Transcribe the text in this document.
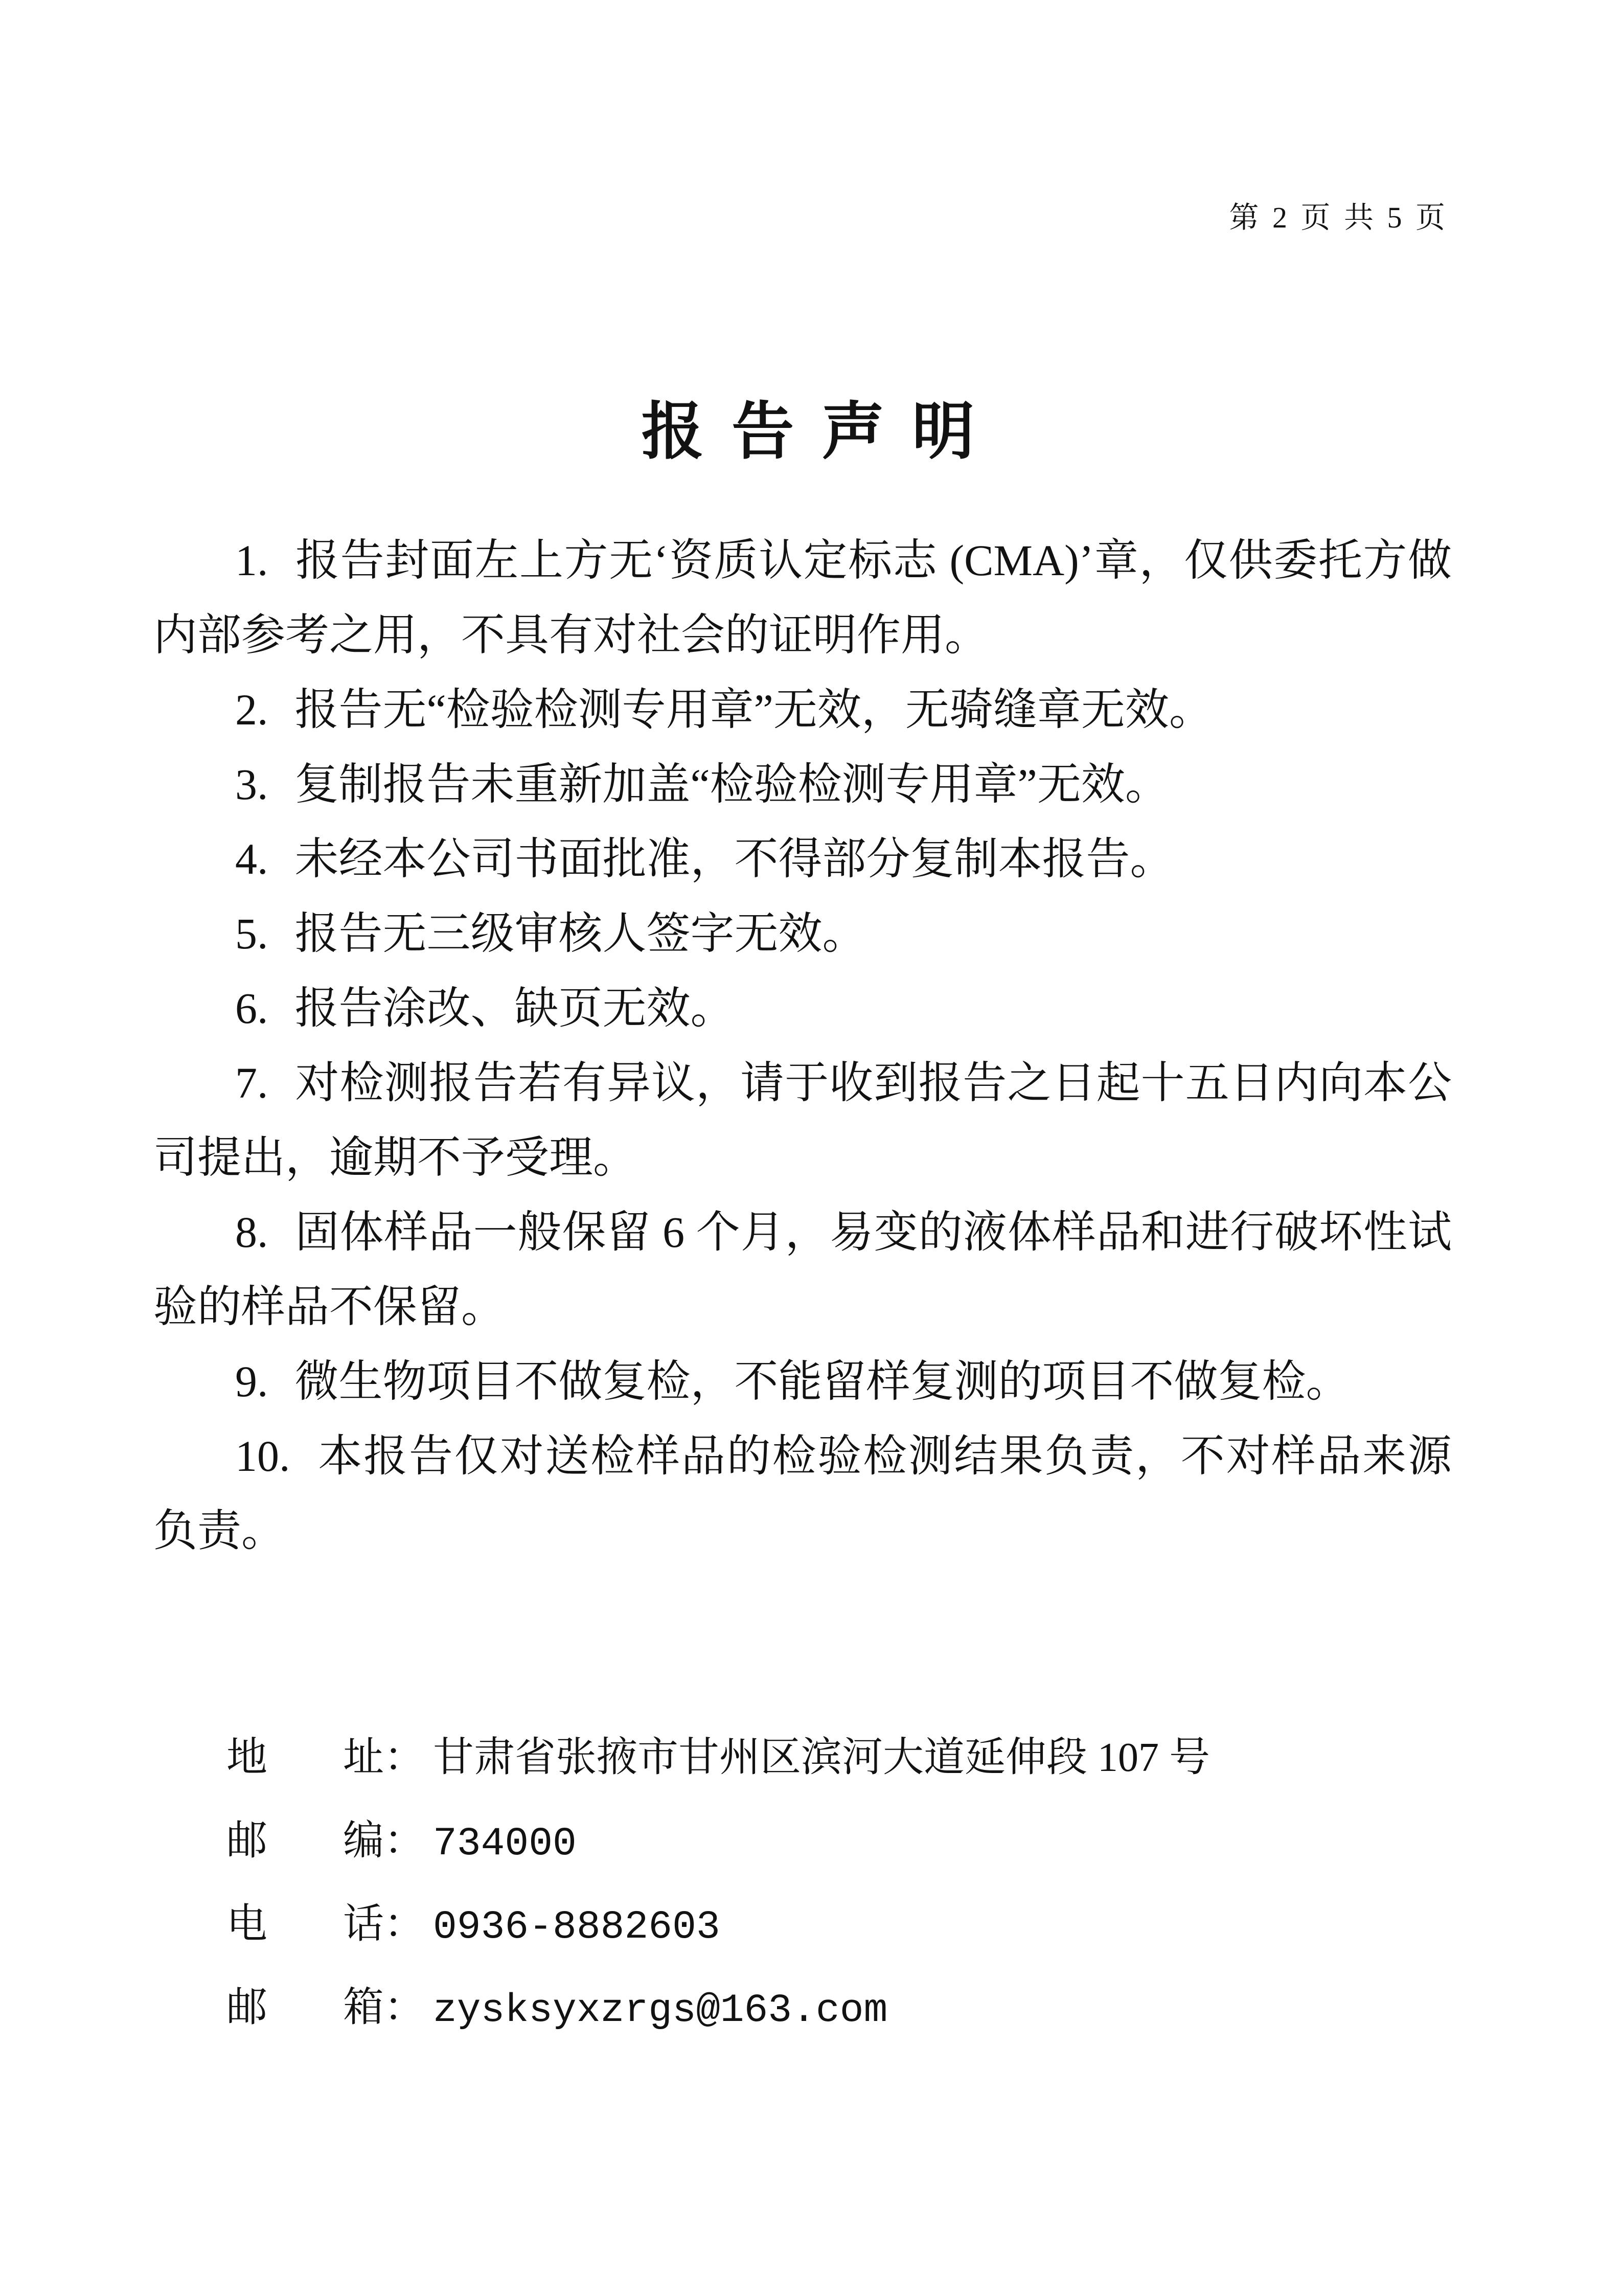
第 2 页 共 5 页
报 告 声 明

1. 报告封面左上方无‘资质认定标志 (CMA)’章，仅供委托方做内部参考之用，不具有对社会的证明作用。

2. 报告无“检验检测专用章”无效，无骑缝章无效。

3. 复制报告未重新加盖“检验检测专用章”无效。

4. 未经本公司书面批准，不得部分复制本报告。

5. 报告无三级审核人签字无效。

6. 报告涂改、缺页无效。

7. 对检测报告若有异议，请于收到报告之日起十五日内向本公司提出，逾期不予受理。

8. 固体样品一般保留 6 个月，易变的液体样品和进行破坏性试验的样品不保留。

9. 微生物项目不做复检，不能留样复测的项目不做复检。

10. 本报告仅对送检样品的检验检测结果负责，不对样品来源负责。

地 址 ： 甘肃省张掖市甘州区滨河大道延伸段 107 号
邮 编 ： 734000
电 话 ： 0936-8882603
邮 箱 ： zysksyxzrgs@163.com
